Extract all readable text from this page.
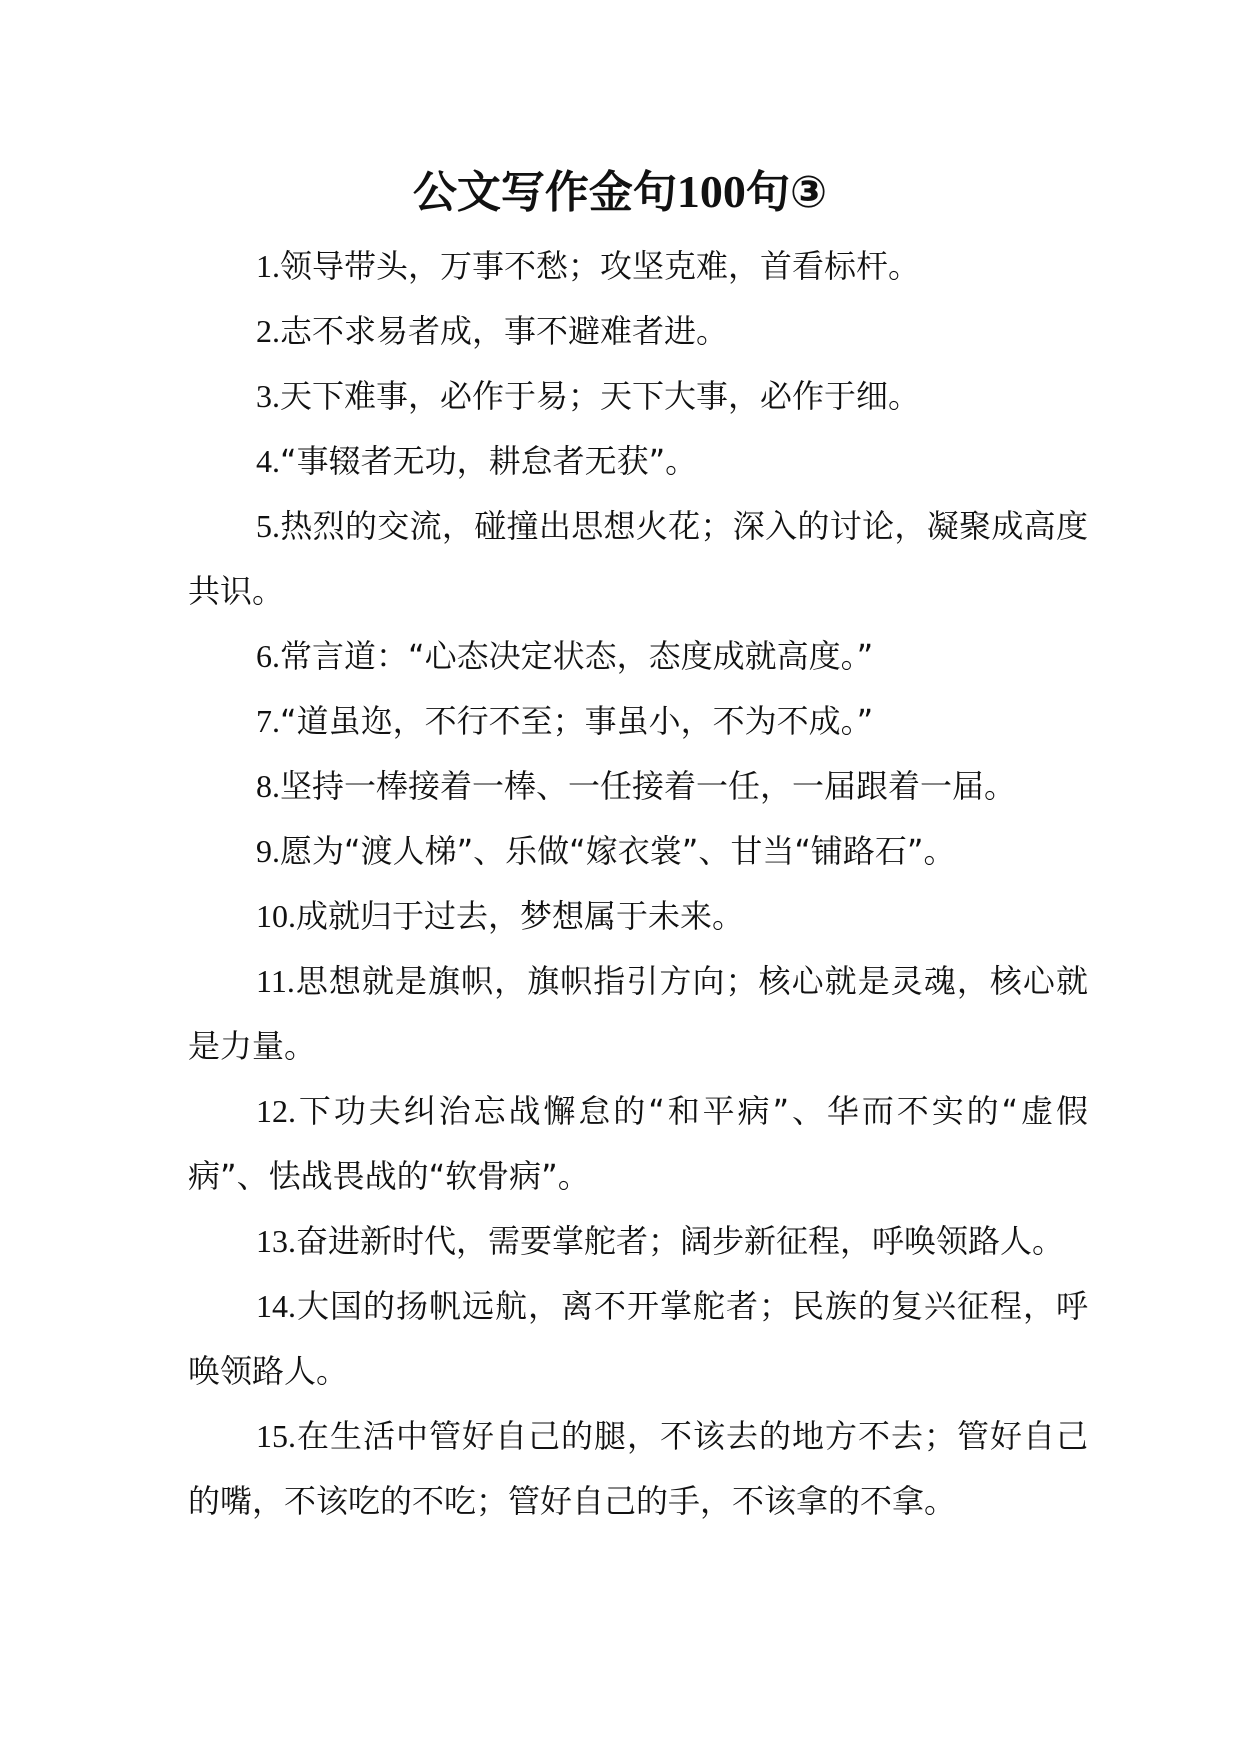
公文写作金句100句③

1.领导带头，万事不愁；攻坚克难，首看标杆。

2.志不求易者成，事不避难者进。

3.天下难事，必作于易；天下大事，必作于细。

4.“事辍者无功，耕怠者无获”。

5.热烈的交流，碰撞出思想火花；深入的讨论，凝聚成高度共识。

6.常言道：“心态决定状态，态度成就高度。”

7.“道虽迩，不行不至；事虽小，不为不成。”

8.坚持一棒接着一棒、一任接着一任，一届跟着一届。

9.愿为“渡人梯”、乐做“嫁衣裳”、甘当“铺路石”。

10.成就归于过去，梦想属于未来。

11.思想就是旗帜，旗帜指引方向；核心就是灵魂，核心就是力量。

12.下功夫纠治忘战懈怠的“和平病”、华而不实的“虚假病”、怯战畏战的“软骨病”。

13.奋进新时代，需要掌舵者；阔步新征程，呼唤领路人。

14.大国的扬帆远航，离不开掌舵者；民族的复兴征程，呼唤领路人。

15.在生活中管好自己的腿，不该去的地方不去；管好自己的嘴，不该吃的不吃；管好自己的手，不该拿的不拿。
